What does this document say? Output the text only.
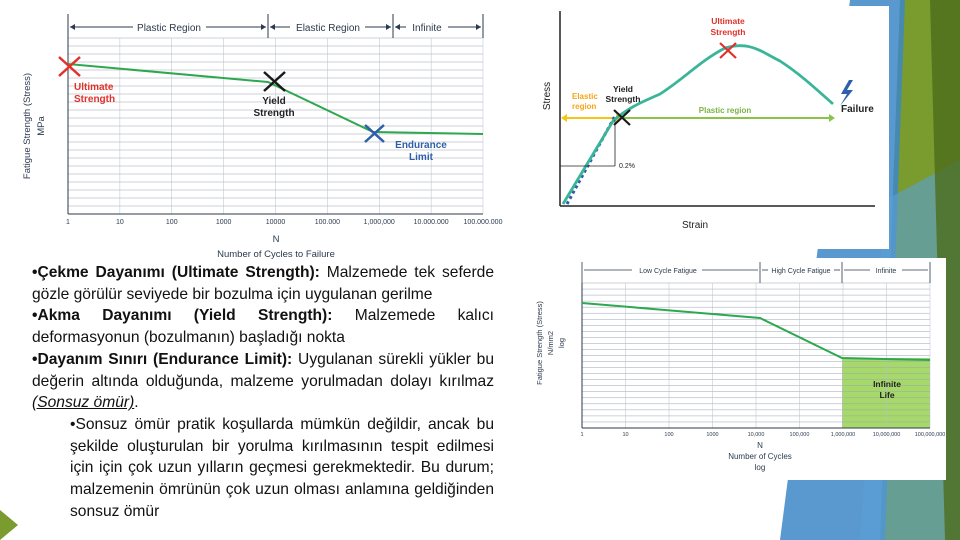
Plastic Region	Elastic Region	Infinite
Ultimate
Strength	Yield
Strength
Endurance
Limit
1	10	100	1000	10000	100.000	1,000,000	10.000.000 100.000.000
Fatigue Strength (Stress) MPa
N
Number of Cycles to Failure
Stress
Strain
0.2%
Ultimate
Strength
Yield
Strength
Elastic
region	Plastic region	Failure
Low Cycle Fatigue	High Cycle Fatigue	Infinite
Infinite
Life
1	10	100	1000	10,000	100,000	1,000,000	10,000,000	100,000,000
Fatigue Strength (Stress) N/mm2 log
N
Number of Cycles
log

•Çekme Dayanımı (Ultimate Strength): Malzemede tek seferde gözle görülür seviyede bir bozulma için uygulanan gerilme

•Akma Dayanımı (Yield Strength): Malzemede kalıcı deformasyonun (bozulmanın) başladığı nokta

•Dayanım Sınırı (Endurance Limit): Uygulanan sürekli yükler bu değerin altında olduğunda, malzeme yorulmadan dolayı kırılmaz (Sonsuz ömür).

•Sonsuz ömür pratik koşullarda mümkün değildir, ancak bu şekilde oluşturulan bir yorulma kırılmasının tespit edilmesi için için çok uzun yılların geçmesi gerekmektedir. Bu durum; malzemenin ömrünün çok uzun olması anlamına geldiğinden sonsuz ömür
